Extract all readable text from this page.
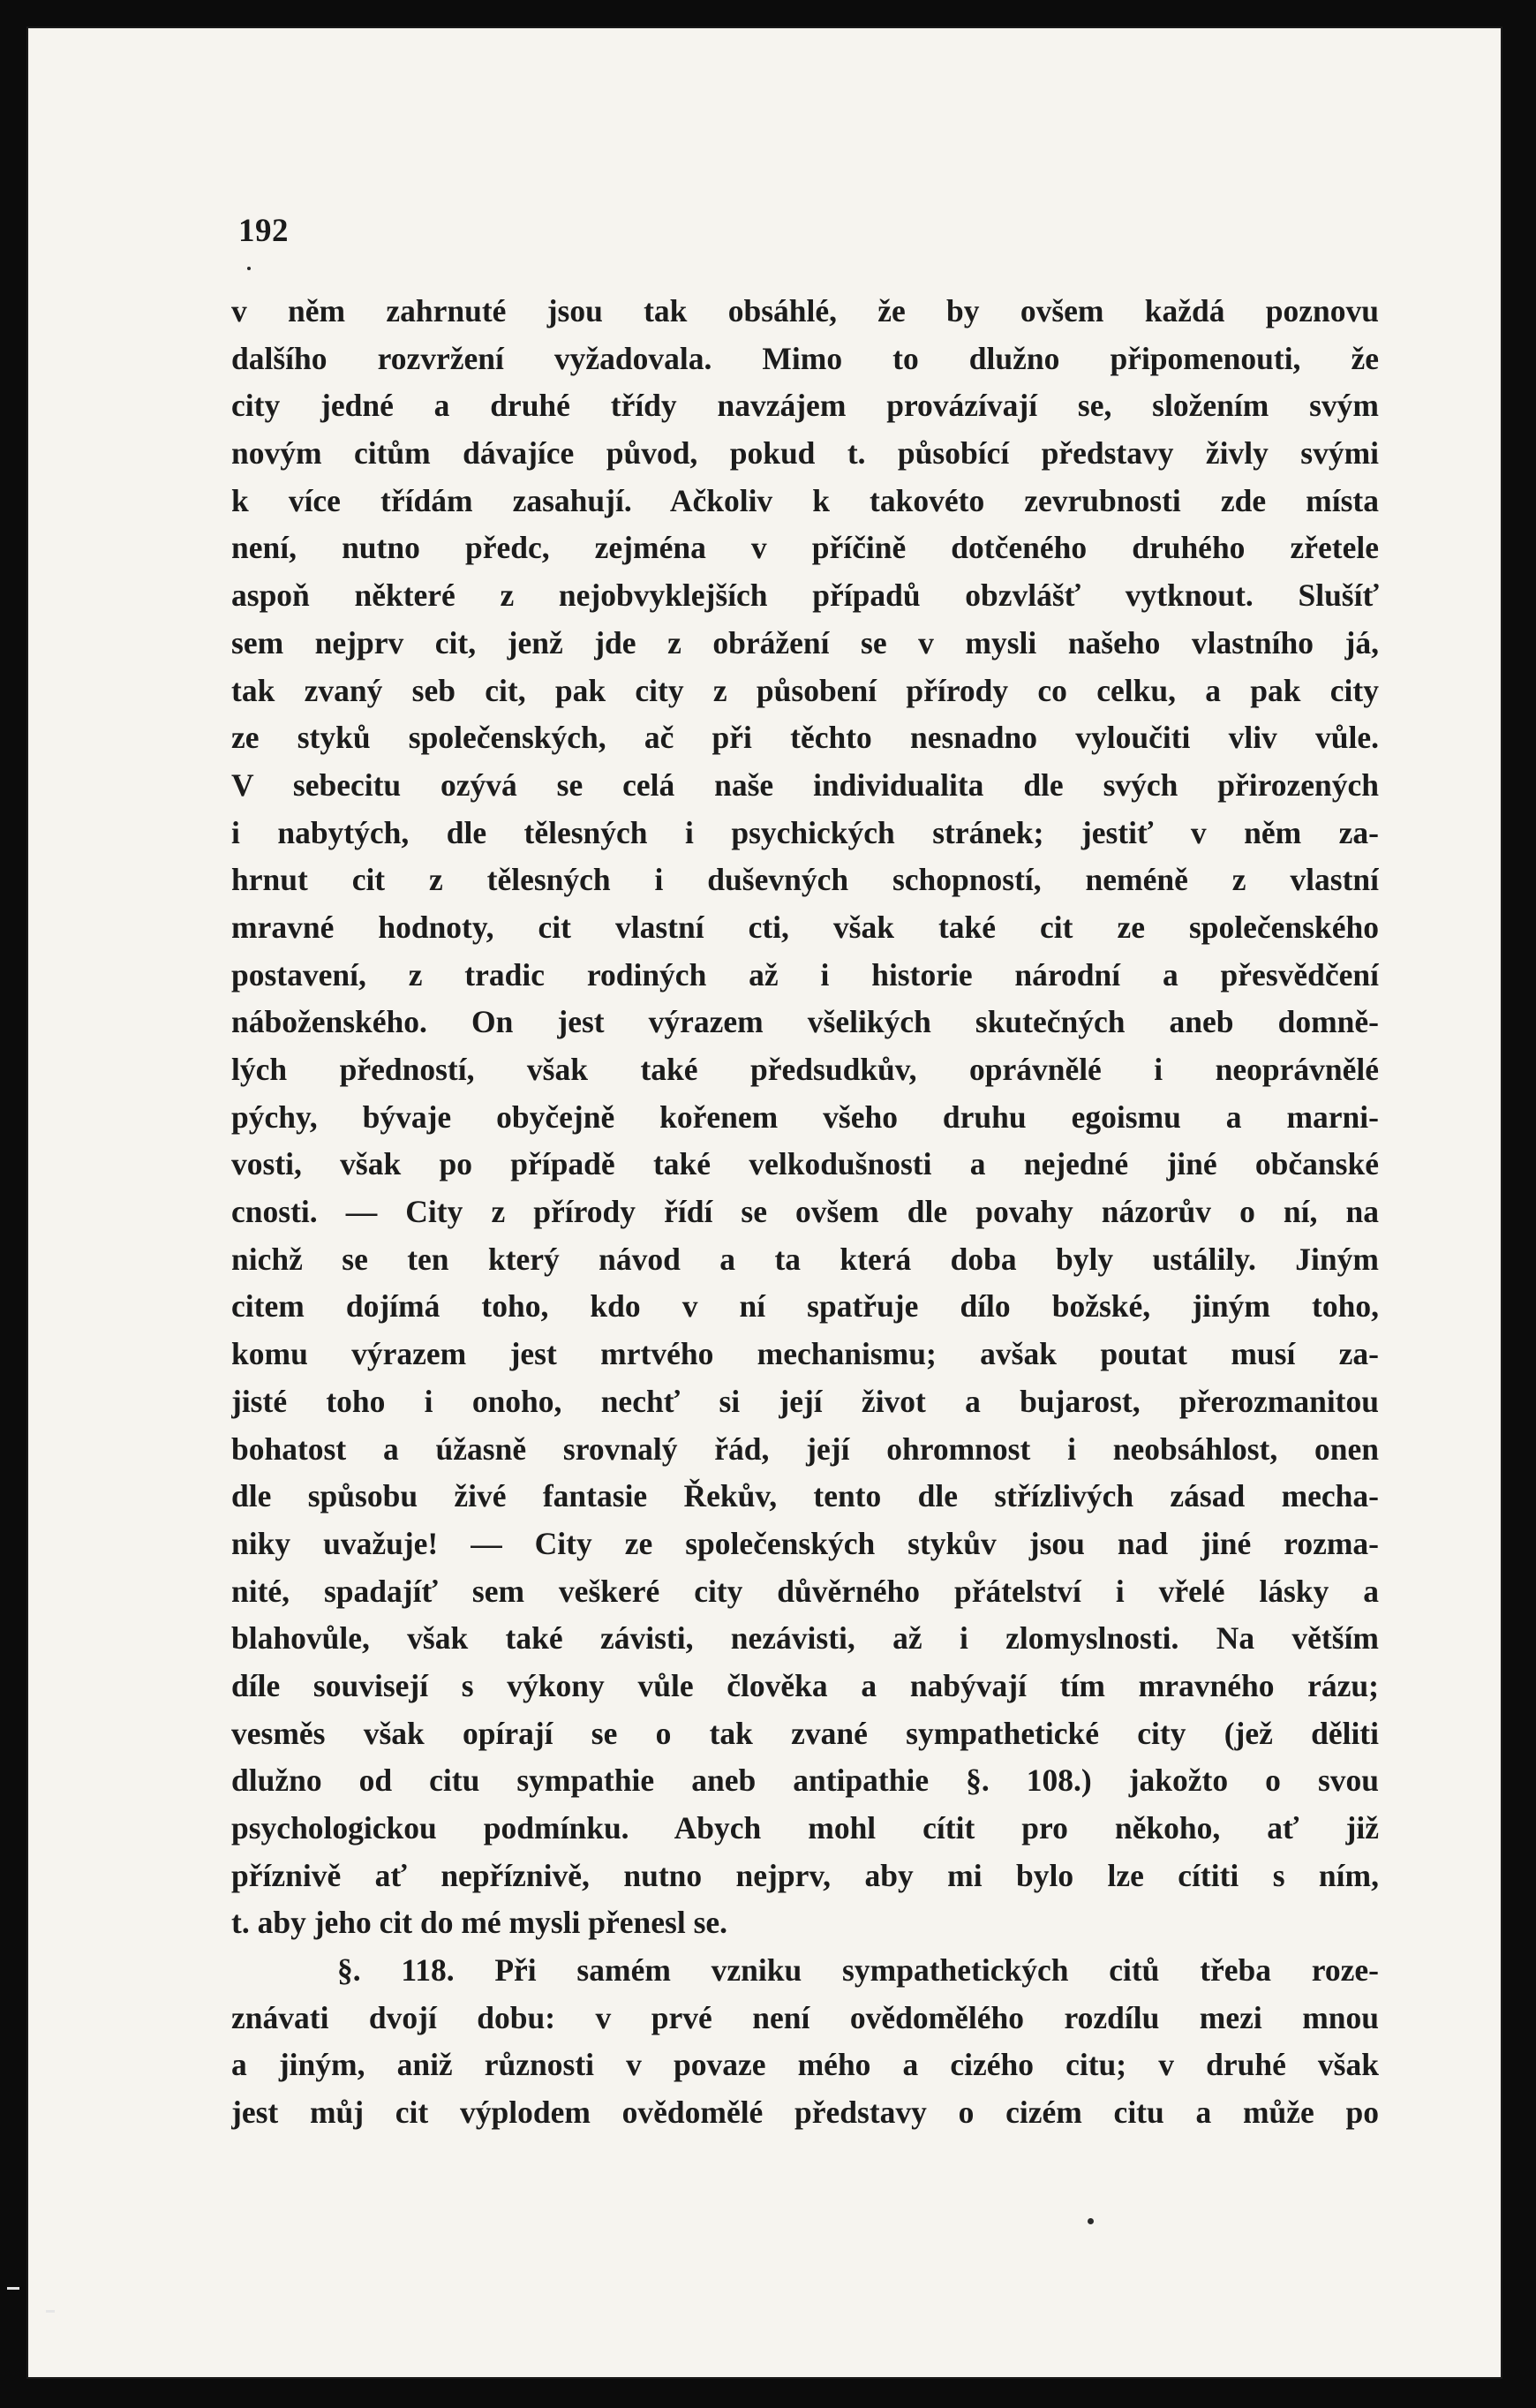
192
v něm zahrnuté jsou tak obsáhlé, že by ovšem každá poznovu
dalšího rozvržení vyžadovala. Mimo to dlužno připomenouti, že
city jedné a druhé třídy navzájem provázívají se, složením svým
novým citům dávajíce původ, pokud t. působící představy živly svými
k více třídám zasahují. Ačkoliv k takovéto zevrubnosti zde místa
není, nutno předc, zejména v příčině dotčeného druhého zřetele
aspoň některé z nejobvyklejších případů obzvlášť vytknout. Slušíť
sem nejprv cit, jenž jde z obrážení se v mysli našeho vlastního já,
tak zvaný seb cit, pak city z působení přírody co celku, a pak city
ze styků společenských, ač při těchto nesnadno vyloučiti vliv vůle.
V sebecitu ozývá se celá naše individualita dle svých přirozených
i nabytých, dle tělesných i psychických stránek; jestiť v něm za-
hrnut cit z tělesných i duševných schopností, neméně z vlastní
mravné hodnoty, cit vlastní cti, však také cit ze společenského
postavení, z tradic rodiných až i historie národní a přesvědčení
náboženského. On jest výrazem všelikých skutečných aneb domně-
lých předností, však také předsudkův, oprávnělé i neoprávnělé
pýchy, bývaje obyčejně kořenem všeho druhu egoismu a marni-
vosti, však po případě také velkodušnosti a nejedné jiné občanské
cnosti. — City z přírody řídí se ovšem dle povahy názorův o ní, na
nichž se ten který návod a ta která doba byly ustálily. Jiným
citem dojímá toho, kdo v ní spatřuje dílo božské, jiným toho,
komu výrazem jest mrtvého mechanismu; avšak poutat musí za-
jisté toho i onoho, nechť si její život a bujarost, přerozmanitou
bohatost a úžasně srovnalý řád, její ohromnost i neobsáhlost, onen
dle spůsobu živé fantasie Řekův, tento dle střízlivých zásad mecha-
niky uvažuje! — City ze společenských stykův jsou nad jiné rozma-
nité, spadajíť sem veškeré city důvěrného přátelství i vřelé lásky a
blahovůle, však také závisti, nezávisti, až i zlomyslnosti. Na větším
díle souvisejí s výkony vůle člověka a nabývají tím mravného rázu;
vesměs však opírají se o tak zvané sympathetické city (jež děliti
dlužno od citu sympathie aneb antipathie §. 108.) jakožto o svou
psychologickou podmínku. Abych mohl cítit pro někoho, ať již
příznivě ať nepříznivě, nutno nejprv, aby mi bylo lze cítiti s ním,
t. aby jeho cit do mé mysli přenesl se.
§. 118. Při samém vzniku sympathetických citů třeba roze-
znávati dvojí dobu: v prvé není ovědomělého rozdílu mezi mnou
a jiným, aniž různosti v povaze mého a cizého citu; v druhé však
jest můj cit výplodem ovědomělé představy o cizém citu a může po
